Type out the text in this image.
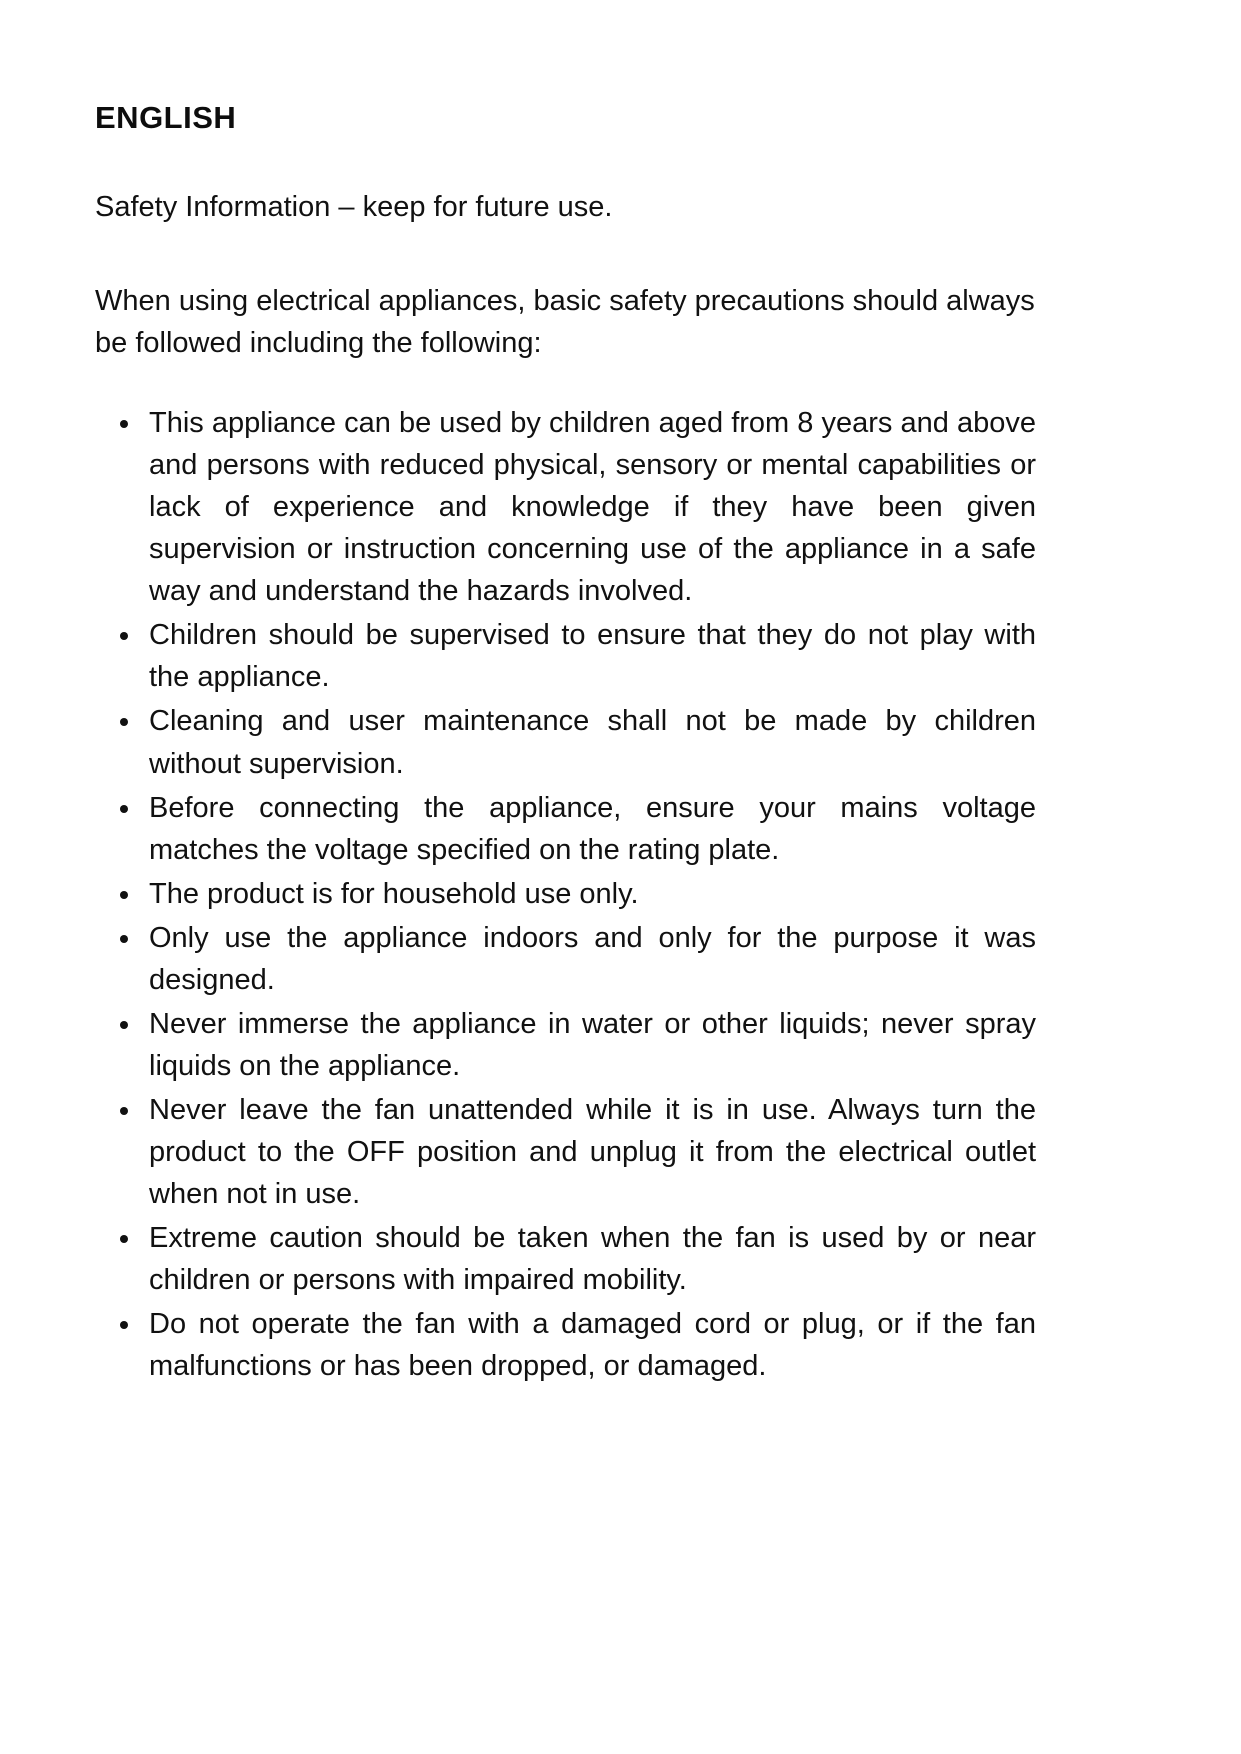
ENGLISH

Safety Information – keep for future use.

When using electrical appliances, basic safety precautions should always be followed including the following:

• This appliance can be used by children aged from 8 years and above and persons with reduced physical, sensory or mental capabilities or lack of experience and knowledge if they have been given supervision or instruction concerning use of the appliance in a safe way and understand the hazards involved.
• Children should be supervised to ensure that they do not play with the appliance.
• Cleaning and user maintenance shall not be made by children without supervision.
• Before connecting the appliance, ensure your mains voltage matches the voltage specified on the rating plate.
• The product is for household use only.
• Only use the appliance indoors and only for the purpose it was designed.
• Never immerse the appliance in water or other liquids; never spray liquids on the appliance.
• Never leave the fan unattended while it is in use. Always turn the product to the OFF position and unplug it from the electrical outlet when not in use.
• Extreme caution should be taken when the fan is used by or near children or persons with impaired mobility.
• Do not operate the fan with a damaged cord or plug, or if the fan malfunctions or has been dropped, or damaged.
